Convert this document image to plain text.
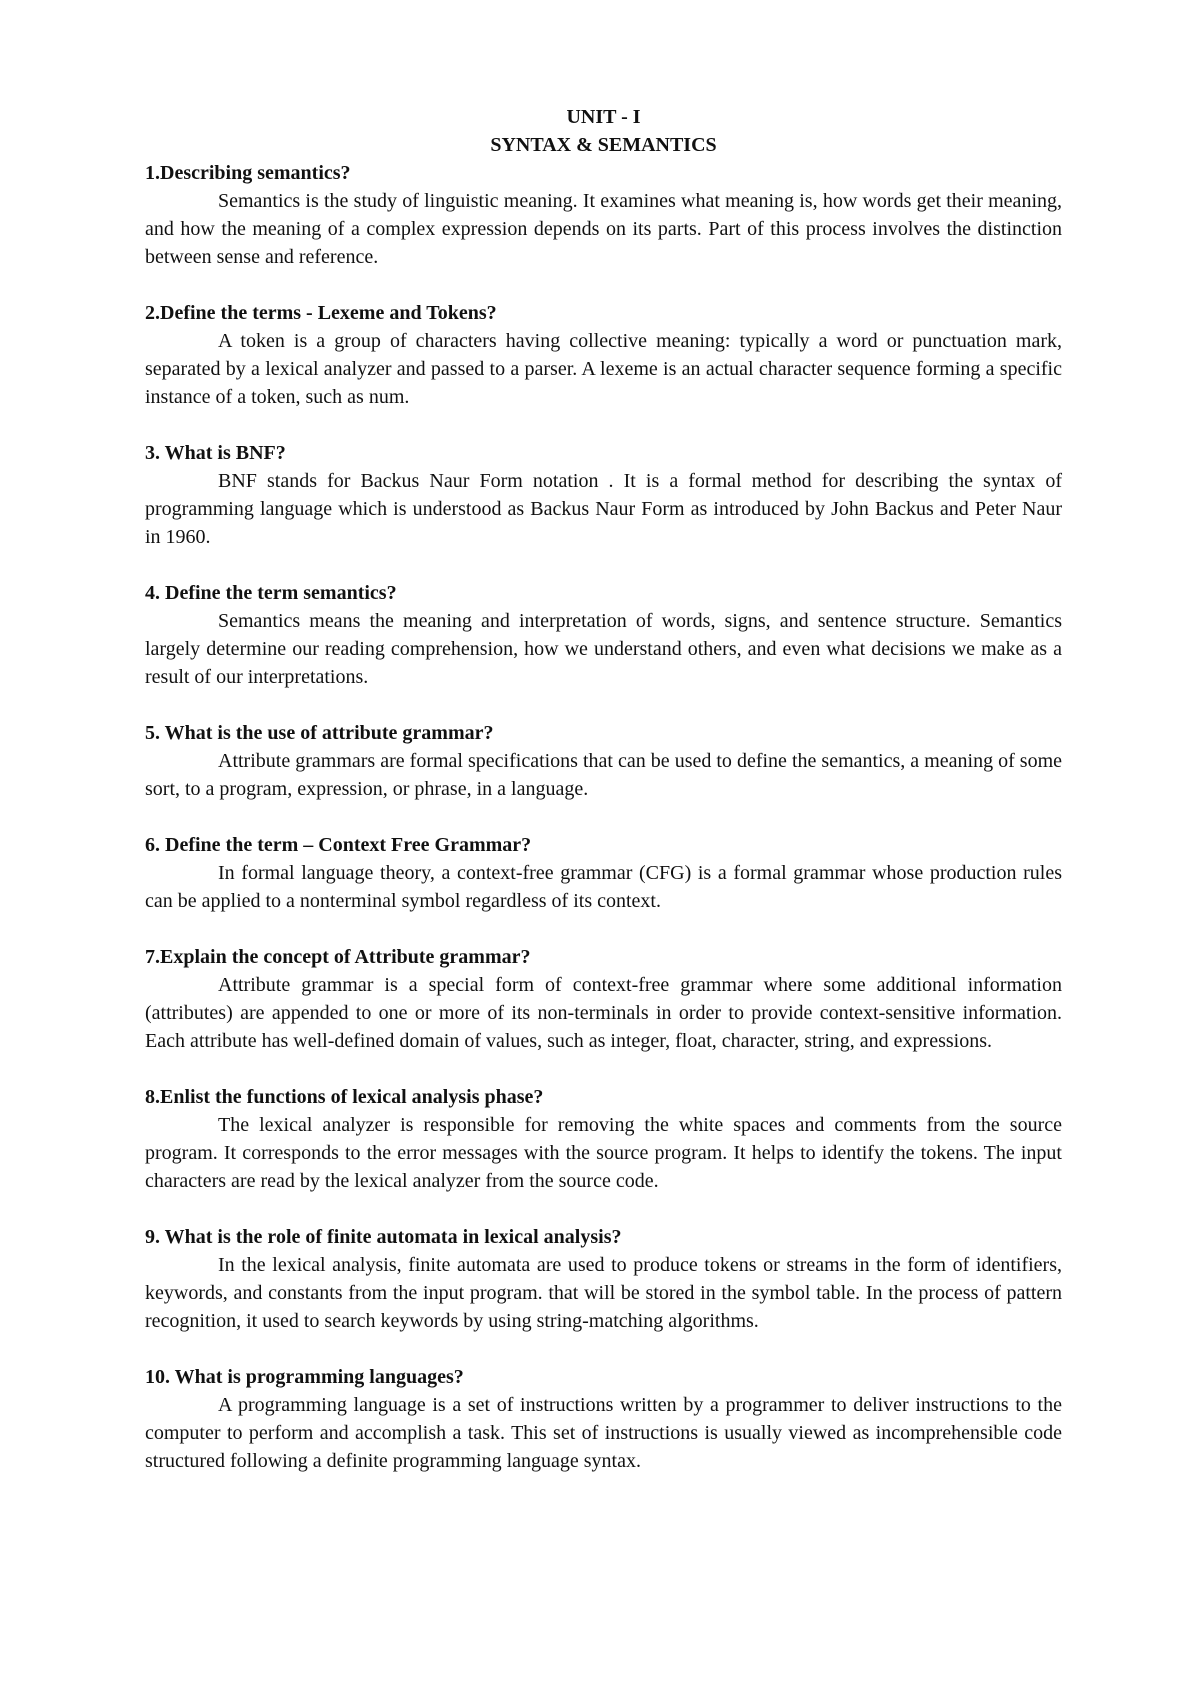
UNIT - I

SYNTAX & SEMANTICS

1.Describing semantics?

Semantics is the study of linguistic meaning. It examines what meaning is, how words get their meaning, and how the meaning of a complex expression depends on its parts. Part of this process involves the distinction between sense and reference.

2.Define the terms - Lexeme and Tokens?

A token is a group of characters having collective meaning: typically a word or punctuation mark, separated by a lexical analyzer and passed to a parser. A lexeme is an actual character sequence forming a specific instance of a token, such as num.

3. What is BNF?

BNF stands for Backus Naur Form notation . It is a formal method for describing the syntax of programming language which is understood as Backus Naur Form as introduced by John Backus and Peter Naur in 1960.

4. Define the term semantics?

Semantics means the meaning and interpretation of words, signs, and sentence structure. Semantics largely determine our reading comprehension, how we understand others, and even what decisions we make as a result of our interpretations.

5. What is the use of attribute grammar?

Attribute grammars are formal specifications that can be used to define the semantics, a meaning of some sort, to a program, expression, or phrase, in a language.

6. Define the term – Context Free Grammar?

In formal language theory, a context-free grammar (CFG) is a formal grammar whose production rules can be applied to a nonterminal symbol regardless of its context.

7.Explain the concept of Attribute grammar?

Attribute grammar is a special form of context-free grammar where some additional information (attributes) are appended to one or more of its non-terminals in order to provide context-sensitive information. Each attribute has well-defined domain of values, such as integer, float, character, string, and expressions.

8.Enlist the functions of lexical analysis phase?

The lexical analyzer is responsible for removing the white spaces and comments from the source program. It corresponds to the error messages with the source program. It helps to identify the tokens. The input characters are read by the lexical analyzer from the source code.

9. What is the role of finite automata in lexical analysis?

In the lexical analysis, finite automata are used to produce tokens or streams in the form of identifiers, keywords, and constants from the input program. that will be stored in the symbol table. In the process of pattern recognition, it used to search keywords by using string-matching algorithms.

10. What is programming languages?

A programming language is a set of instructions written by a programmer to deliver instructions to the computer to perform and accomplish a task. This set of instructions is usually viewed as incomprehensible code structured following a definite programming language syntax.
